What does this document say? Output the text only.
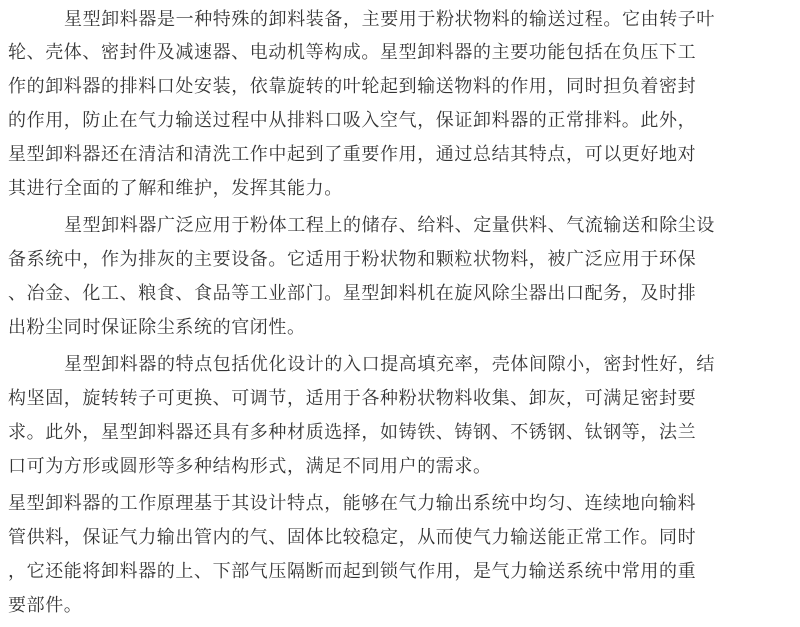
星型卸料器是一种特殊的卸料装备，主要用于粉状物料的输送过程。它由转子叶
轮、壳体、密封件及减速器、电动机等构成。星型卸料器的主要功能包括在负压下工
作的卸料器的排料口处安装，依靠旋转的叶轮起到输送物料的作用，同时担负着密封
的作用，防止在气力输送过程中从排料口吸入空气，保证卸料器的正常排料。此外，
星型卸料器还在清洁和清洗工作中起到了重要作用，通过总结其特点，可以更好地对
其进行全面的了解和维护，发挥其能力。
星型卸料器广泛应用于粉体工程上的储存、给料、定量供料、气流输送和除尘设
备系统中，作为排灰的主要设备。它适用于粉状物和颗粒状物料，被广泛应用于环保
、冶金、化工、粮食、食品等工业部门。星型卸料机在旋风除尘器出口配务，及时排
出粉尘同时保证除尘系统的官闭性。
星型卸料器的特点包括优化设计的入口提高填充率，壳体间隙小，密封性好，结
构坚固，旋转转子可更换、可调节，适用于各种粉状物料收集、卸灰，可满足密封要
求。此外，星型卸料器还具有多种材质选择，如铸铁、铸钢、不锈钢、钛钢等，法兰
口可为方形或圆形等多种结构形式，满足不同用户的需求。
星型卸料器的工作原理基于其设计特点，能够在气力输出系统中均匀、连续地向输料
管供料，保证气力输出管内的气、固体比较稳定，从而使气力输送能正常工作。同时
，它还能将卸料器的上、下部气压隔断而起到锁气作用，是气力输送系统中常用的重
要部件。
